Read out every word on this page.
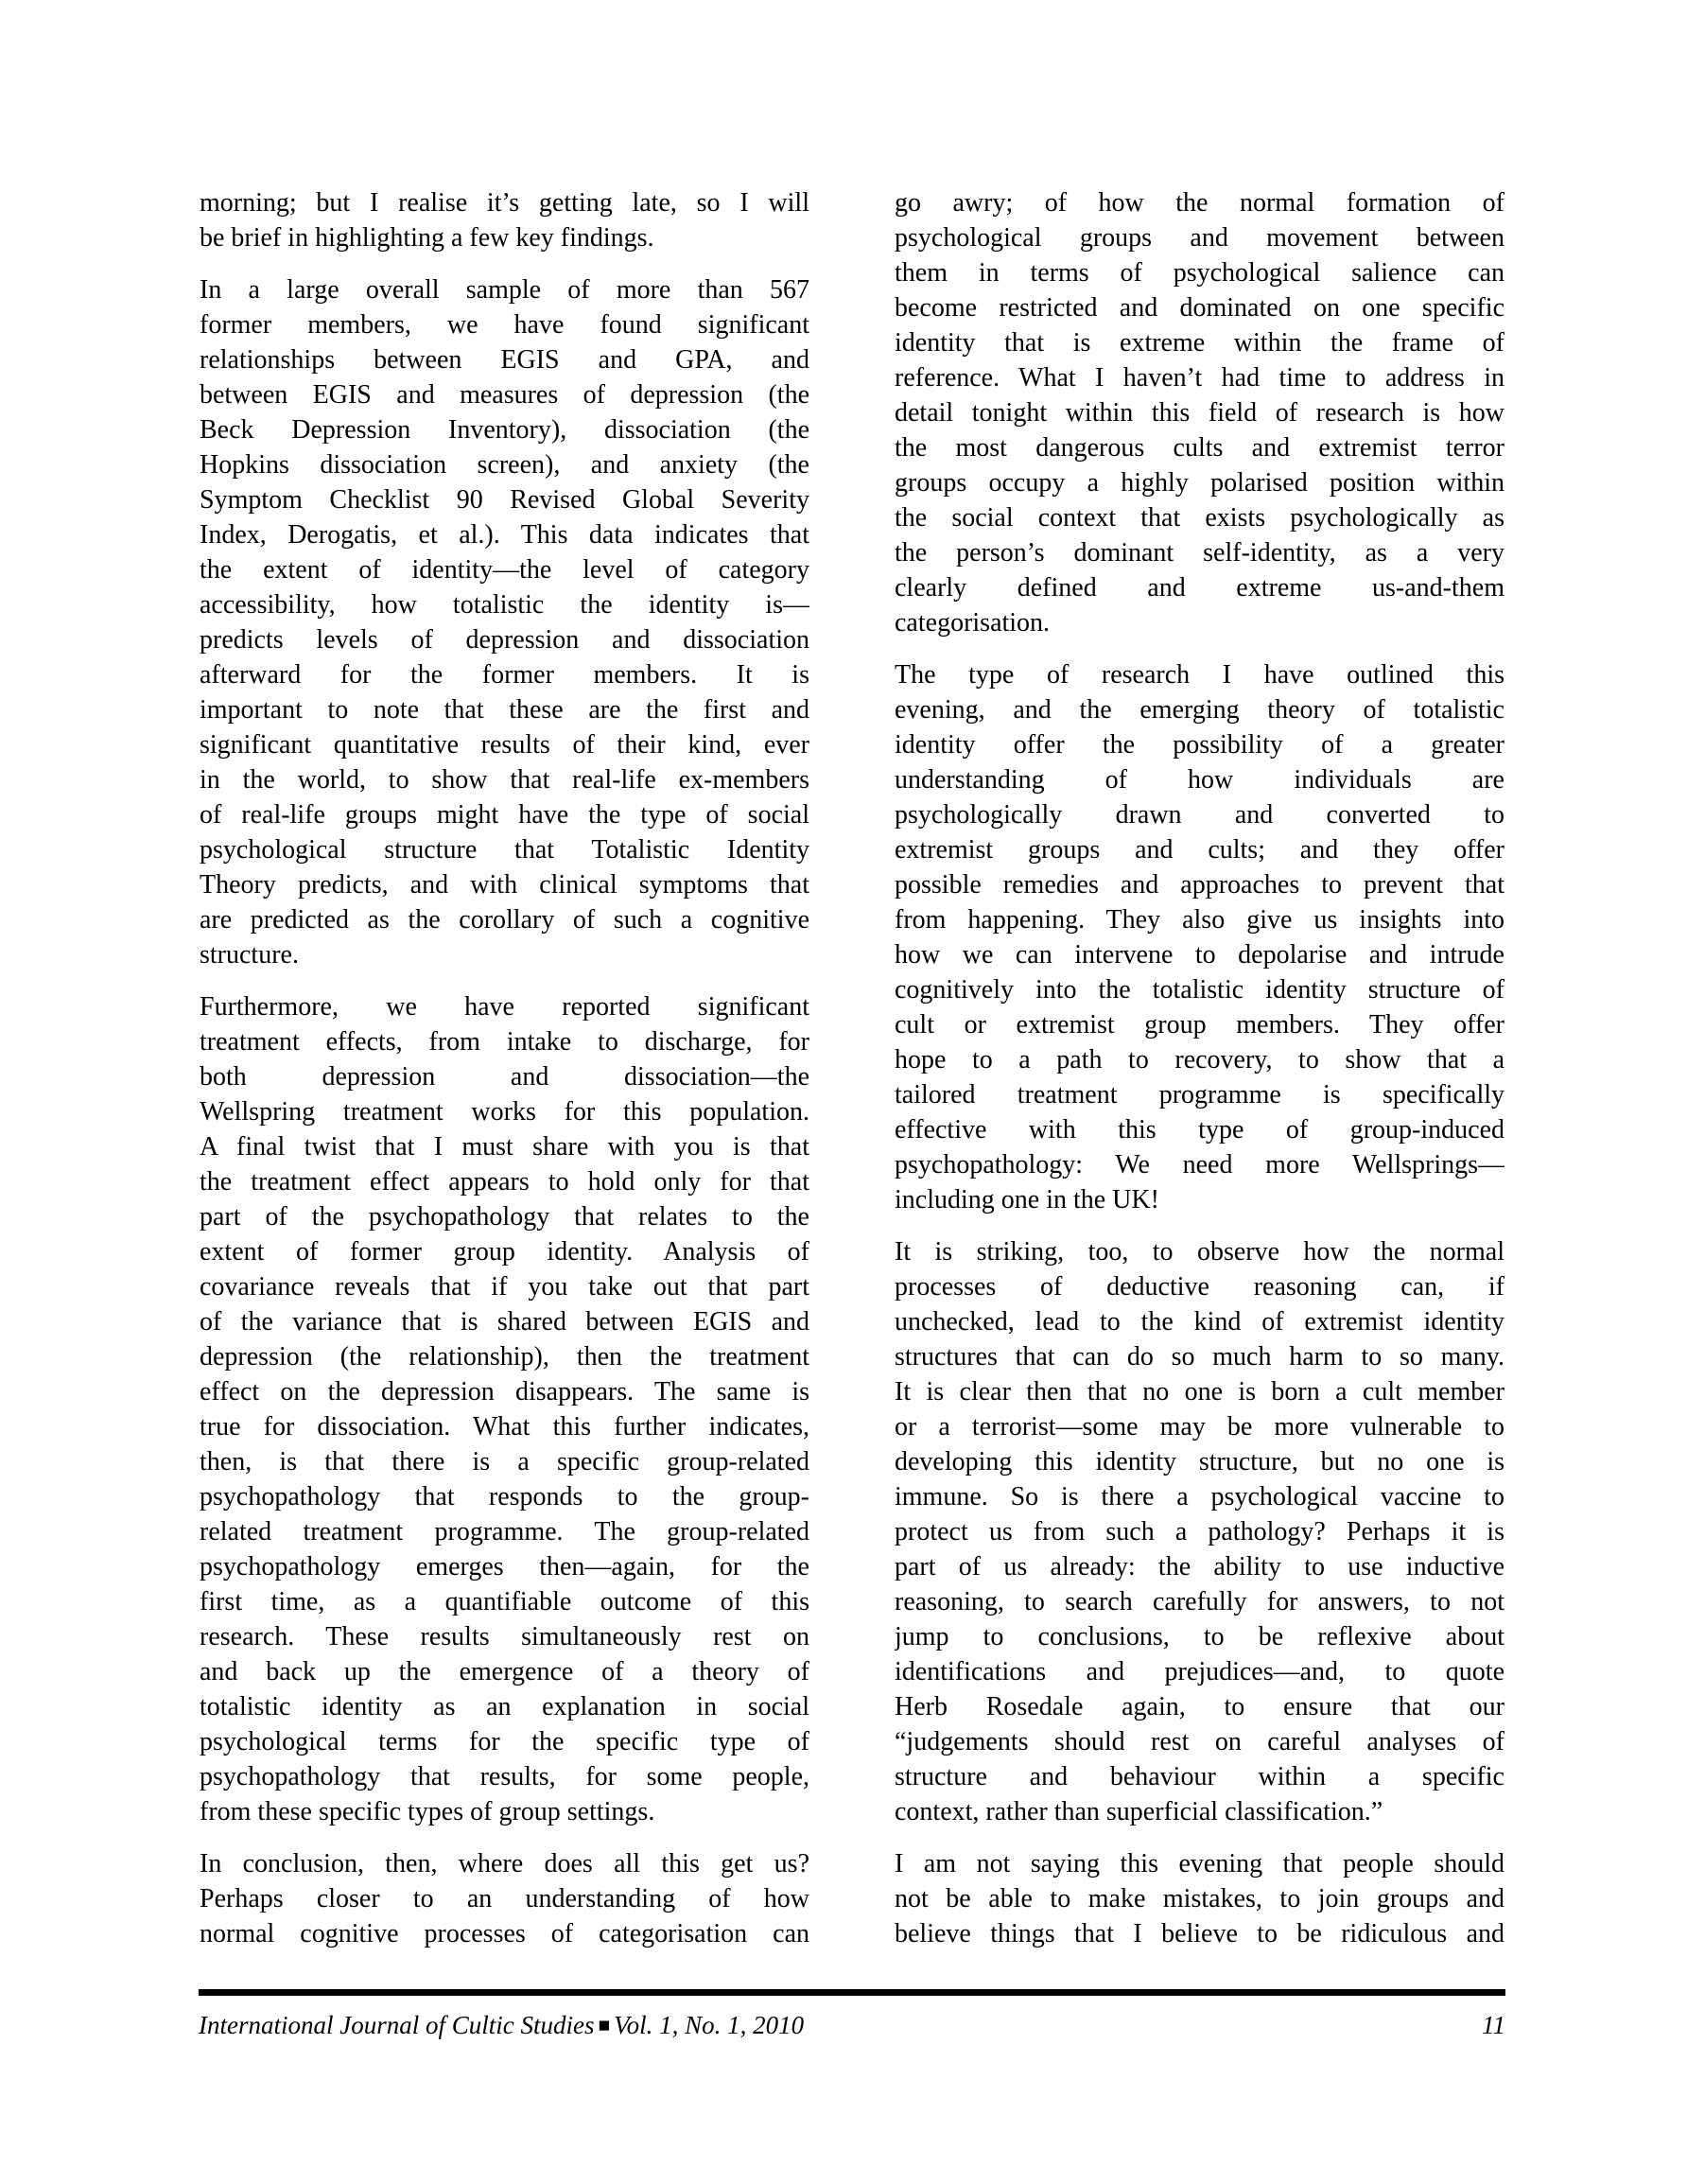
morning; but I realise it’s getting late, so I will
be brief in highlighting a few key findings.
In a large overall sample of more than 567
former members, we have found significant
relationships between EGIS and GPA, and
between EGIS and measures of depression (the
Beck Depression Inventory), dissociation (the
Hopkins dissociation screen), and anxiety (the
Symptom Checklist 90 Revised Global Severity
Index, Derogatis, et al.). This data indicates that
the extent of identity—the level of category
accessibility, how totalistic the identity is—
predicts levels of depression and dissociation
afterward for the former members. It is
important to note that these are the first and
significant quantitative results of their kind, ever
in the world, to show that real-life ex-members
of real-life groups might have the type of social
psychological structure that Totalistic Identity
Theory predicts, and with clinical symptoms that
are predicted as the corollary of such a cognitive
structure.
Furthermore, we have reported significant
treatment effects, from intake to discharge, for
both depression and dissociation—the
Wellspring treatment works for this population.
A final twist that I must share with you is that
the treatment effect appears to hold only for that
part of the psychopathology that relates to the
extent of former group identity. Analysis of
covariance reveals that if you take out that part
of the variance that is shared between EGIS and
depression (the relationship), then the treatment
effect on the depression disappears. The same is
true for dissociation. What this further indicates,
then, is that there is a specific group-related
psychopathology that responds to the group-
related treatment programme. The group-related
psychopathology emerges then—again, for the
first time, as a quantifiable outcome of this
research. These results simultaneously rest on
and back up the emergence of a theory of
totalistic identity as an explanation in social
psychological terms for the specific type of
psychopathology that results, for some people,
from these specific types of group settings.
In conclusion, then, where does all this get us?
Perhaps closer to an understanding of how
normal cognitive processes of categorisation can
go awry; of how the normal formation of
psychological groups and movement between
them in terms of psychological salience can
become restricted and dominated on one specific
identity that is extreme within the frame of
reference. What I haven’t had time to address in
detail tonight within this field of research is how
the most dangerous cults and extremist terror
groups occupy a highly polarised position within
the social context that exists psychologically as
the person’s dominant self-identity, as a very
clearly defined and extreme us-and-them
categorisation.
The type of research I have outlined this
evening, and the emerging theory of totalistic
identity offer the possibility of a greater
understanding of how individuals are
psychologically drawn and converted to
extremist groups and cults; and they offer
possible remedies and approaches to prevent that
from happening. They also give us insights into
how we can intervene to depolarise and intrude
cognitively into the totalistic identity structure of
cult or extremist group members. They offer
hope to a path to recovery, to show that a
tailored treatment programme is specifically
effective with this type of group-induced
psychopathology: We need more Wellsprings—
including one in the UK!
It is striking, too, to observe how the normal
processes of deductive reasoning can, if
unchecked, lead to the kind of extremist identity
structures that can do so much harm to so many.
It is clear then that no one is born a cult member
or a terrorist—some may be more vulnerable to
developing this identity structure, but no one is
immune. So is there a psychological vaccine to
protect us from such a pathology? Perhaps it is
part of us already: the ability to use inductive
reasoning, to search carefully for answers, to not
jump to conclusions, to be reflexive about
identifications and prejudices—and, to quote
Herb Rosedale again, to ensure that our
“judgements should rest on careful analyses of
structure and behaviour within a specific
context, rather than superficial classification.”
I am not saying this evening that people should
not be able to make mistakes, to join groups and
believe things that I believe to be ridiculous and
International Journal of Cultic Studies ■ Vol. 1, No. 1, 2010	11
